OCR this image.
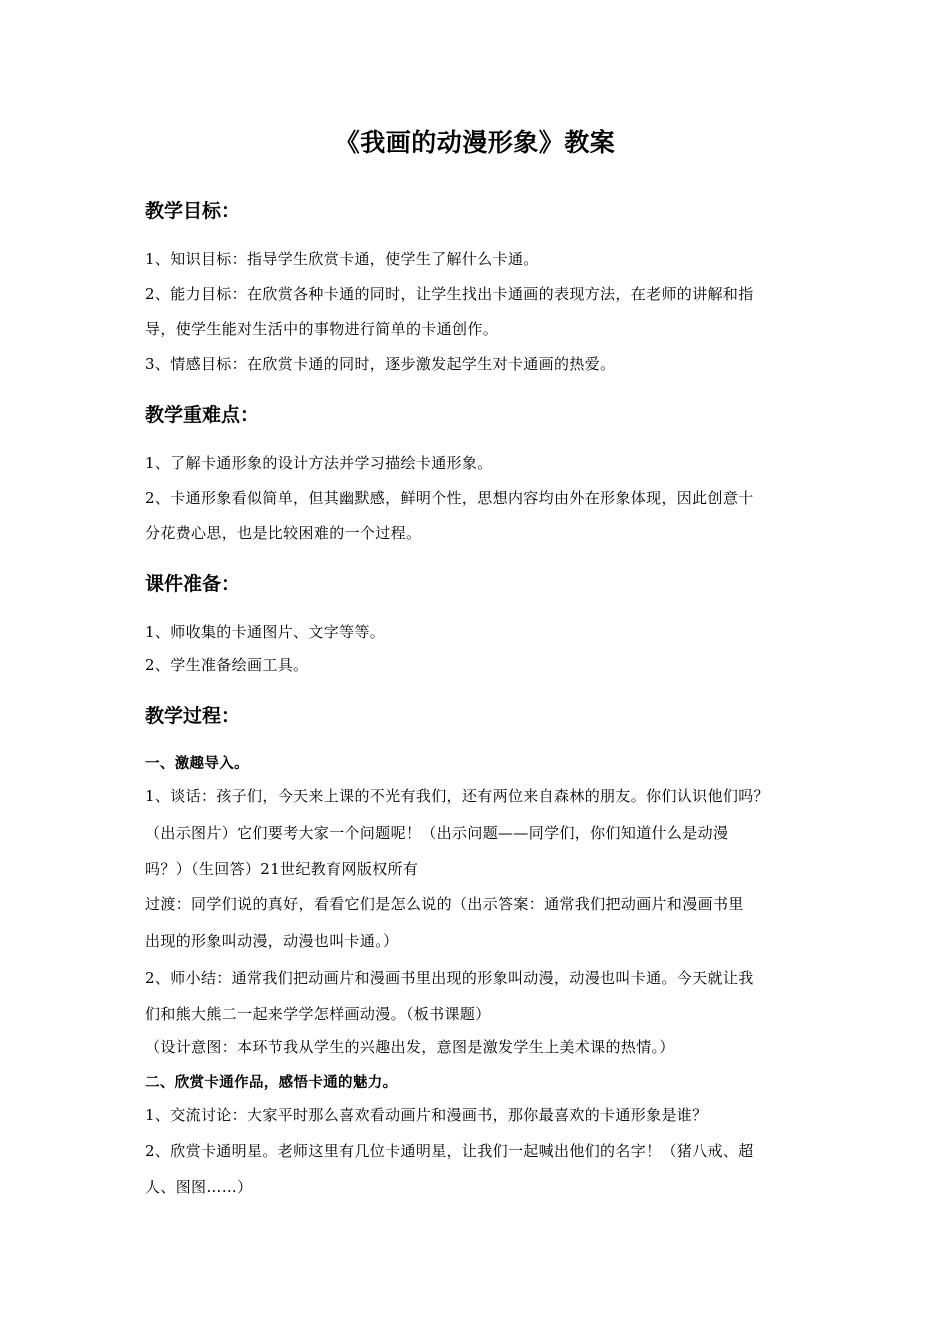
《我画的动漫形象》教案
教学目标：
1、知识目标：指导学生欣赏卡通，使学生了解什么卡通。
2、能力目标：在欣赏各种卡通的同时，让学生找出卡通画的表现方法，在老师的讲解和指
导，使学生能对生活中的事物进行简单的卡通创作。
3、情感目标：在欣赏卡通的同时，逐步激发起学生对卡通画的热爱。
教学重难点：
1、了解卡通形象的设计方法并学习描绘卡通形象。
2、卡通形象看似简单，但其幽默感，鲜明个性，思想内容均由外在形象体现，因此创意十
分花费心思，也是比较困难的一个过程。
课件准备：
1、师收集的卡通图片、文字等等。
2、学生准备绘画工具。
教学过程：
一、激趣导入。
1、谈话：孩子们，今天来上课的不光有我们，还有两位来自森林的朋友。你们认识他们吗？
（出示图片）它们要考大家一个问题呢！（出示问题——同学们，你们知道什么是动漫
吗？）（生回答）21世纪教育网版权所有
过渡：同学们说的真好，看看它们是怎么说的（出示答案：通常我们把动画片和漫画书里
出现的形象叫动漫，动漫也叫卡通。）
2、师小结：通常我们把动画片和漫画书里出现的形象叫动漫，动漫也叫卡通。今天就让我
们和熊大熊二一起来学学怎样画动漫。（板书课题）
（设计意图：本环节我从学生的兴趣出发，意图是激发学生上美术课的热情。）
二、欣赏卡通作品，感悟卡通的魅力。
1、交流讨论：大家平时那么喜欢看动画片和漫画书，那你最喜欢的卡通形象是谁？
2、欣赏卡通明星。老师这里有几位卡通明星，让我们一起喊出他们的名字！（猪八戒、超
人、图图……）
